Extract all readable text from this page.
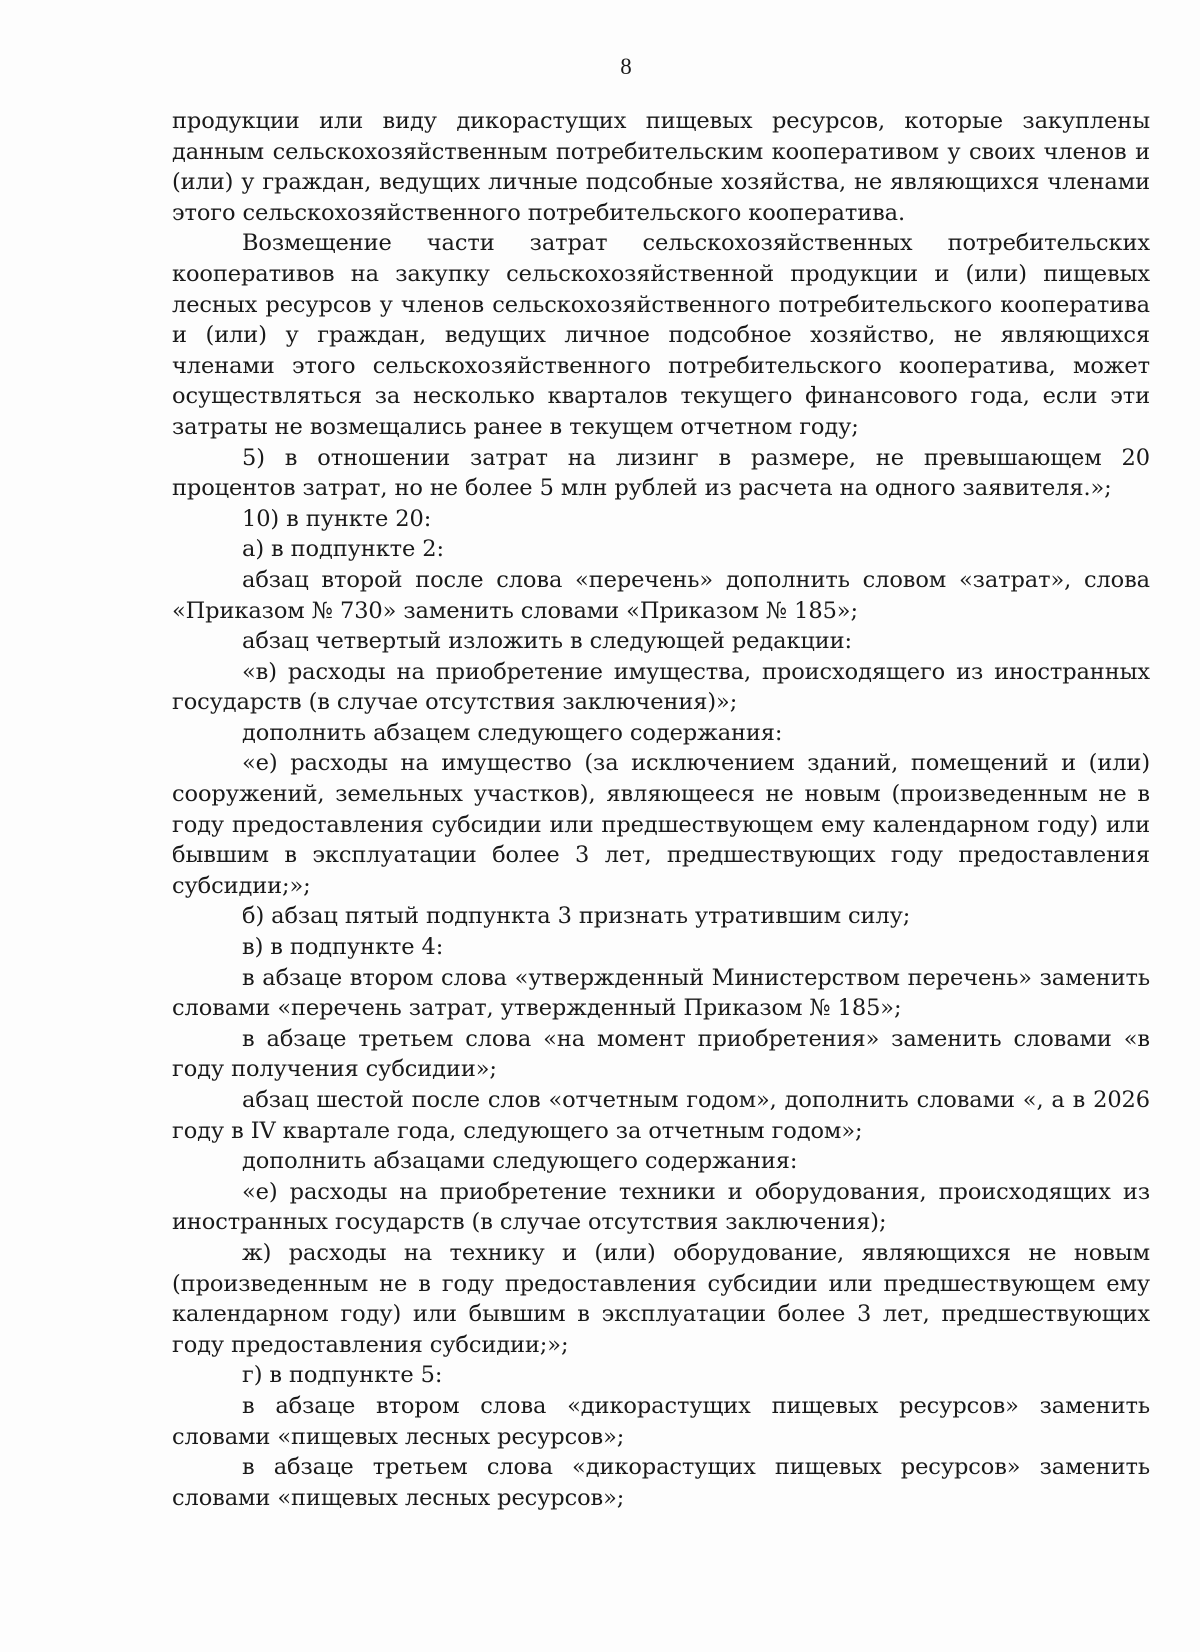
8

продукции или виду дикорастущих пищевых ресурсов, которые закуплены данным сельскохозяйственным потребительским кооперативом у своих членов и (или) у граждан, ведущих личные подсобные хозяйства, не являющихся членами этого сельскохозяйственного потребительского кооператива.

Возмещение части затрат сельскохозяйственных потребительских кооперативов на закупку сельскохозяйственной продукции и (или) пищевых лесных ресурсов у членов сельскохозяйственного потребительского кооператива и (или) у граждан, ведущих личное подсобное хозяйство, не являющихся членами этого сельскохозяйственного потребительского кооператива, может осуществляться за несколько кварталов текущего финансового года, если эти затраты не возмещались ранее в текущем отчетном году;

5) в отношении затрат на лизинг в размере, не превышающем 20 процентов затрат, но не более 5 млн рублей из расчета на одного заявителя.»;

10) в пункте 20:

а) в подпункте 2:

абзац второй после слова «перечень» дополнить словом «затрат», слова «Приказом № 730» заменить словами «Приказом № 185»;

абзац четвертый изложить в следующей редакции:

«в) расходы на приобретение имущества, происходящего из иностранных государств (в случае отсутствия заключения)»;

дополнить абзацем следующего содержания:

«е) расходы на имущество (за исключением зданий, помещений и (или) сооружений, земельных участков), являющееся не новым (произведенным не в году предоставления субсидии или предшествующем ему календарном году) или бывшим в эксплуатации более 3 лет, предшествующих году предоставления субсидии;»;

б) абзац пятый подпункта 3 признать утратившим силу;

в) в подпункте 4:

в абзаце втором слова «утвержденный Министерством перечень» заменить словами «перечень затрат, утвержденный Приказом № 185»;

в абзаце третьем слова «на момент приобретения» заменить словами «в году получения субсидии»;

абзац шестой после слов «отчетным годом», дополнить словами «, а в 2026 году в IV квартале года, следующего за отчетным годом»;

дополнить абзацами следующего содержания:

«е) расходы на приобретение техники и оборудования, происходящих из иностранных государств (в случае отсутствия заключения);

ж) расходы на технику и (или) оборудование, являющихся не новым (произведенным не в году предоставления субсидии или предшествующем ему календарном году) или бывшим в эксплуатации более 3 лет, предшествующих году предоставления субсидии;»;

г) в подпункте 5:

в абзаце втором слова «дикорастущих пищевых ресурсов» заменить словами «пищевых лесных ресурсов»;

в абзаце третьем слова «дикорастущих пищевых ресурсов» заменить словами «пищевых лесных ресурсов»;
